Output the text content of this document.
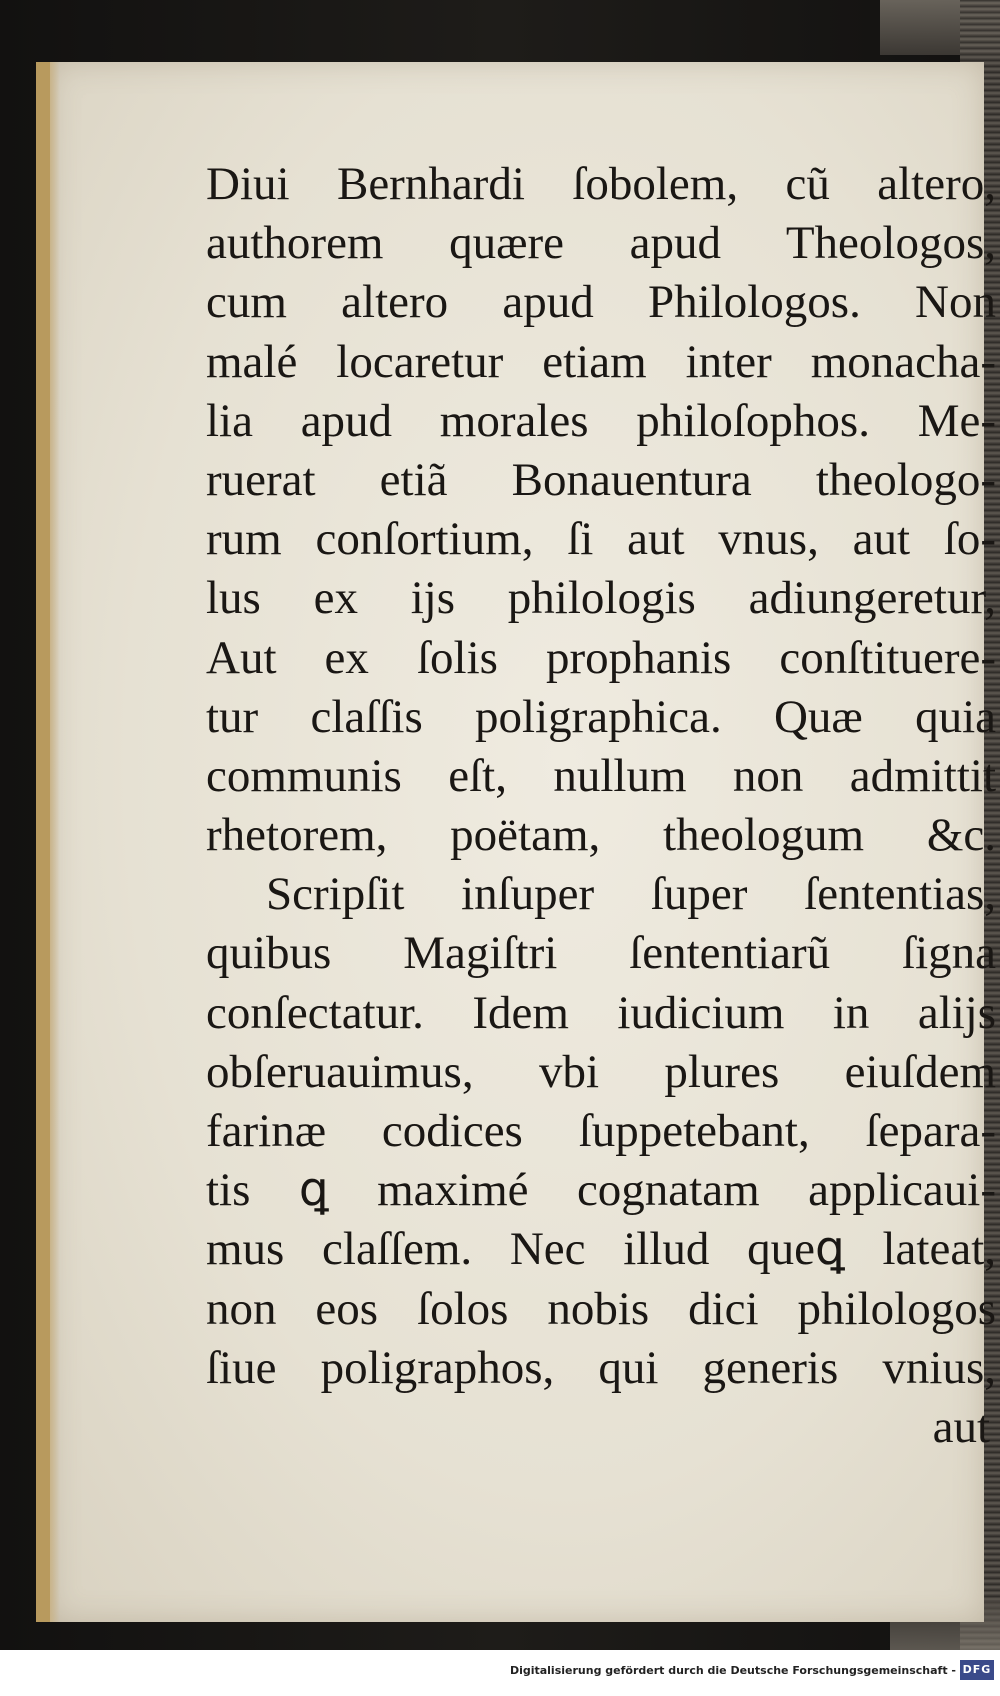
Diui Bernhardi ſobolem, cũ altero,
authorem quære apud Theologos,
cum altero apud Philologos. Non
malé locaretur etiam inter monacha-
lia apud morales philoſophos. Me-
ruerat etiã Bonauentura theologo-
rum conſortium, ſi aut vnus, aut ſo-
lus ex ĳs philologis adiungeretur,
Aut ex ſolis prophanis conſtituere-
tur claſſis poligraphica. Quæ quia
communis eſt, nullum non admittit
rhetorem, poëtam, theologum &c.
Scripſit inſuper ſuper ſententias,
quibus Magiſtri ſententiarũ ſigna
conſectatur. Idem iudicium in alĳs
obſeruauimus, vbi plures eiuſdem
farinæ codices ſuppetebant, ſepara-
tis ꝗ maximé cognatam applicaui-
mus claſſem. Nec illud queꝗ lateat,
non eos ſolos nobis dici philologos
ſiue poligraphos, qui generis vnius,
aut
Digitalisierung gefördert durch die Deutsche Forschungsgemeinschaft - DFG
